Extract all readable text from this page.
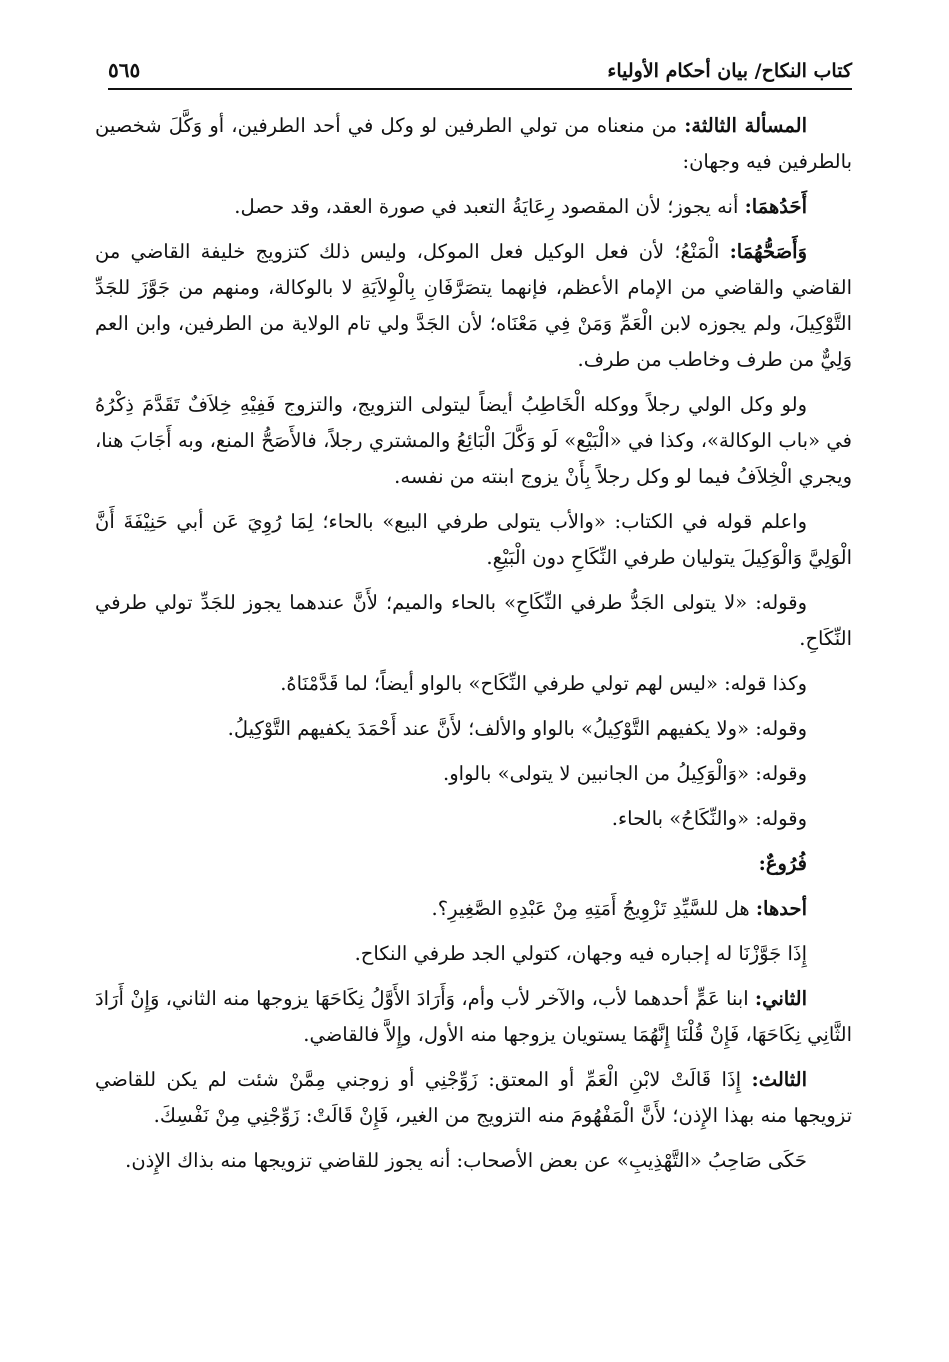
كتاب النكاح/ بيان أحكام الأولياء
٥٦٥

المسألة الثالثة: من منعناه من تولي الطرفين لو وكل في أحد الطرفين، أو وَكَّلَ شخصين بالطرفين فيه وجهان:

أَحَدُهمَا: أنه يجوز؛ لأن المقصود رِعَايَةُ التعبد في صورة العقد، وقد حصل.

وَأَصَحُّهُمَا: الْمَنْعُ؛ لأن فعل الوكيل فعل الموكل، وليس ذلك كتزويج خليفة القاضي من القاضي والقاضي من الإمام الأعظم، فإنهما يتصَرَّفَانِ بِالْوِلاَيَةِ لا بالوكالة، ومنهم من جَوَّزَ للجَدِّ التَّوْكِيلَ، ولم يجوزه لابن الْعَمِّ وَمَنْ فِي مَعْنَاه؛ لأن الجَدَّ ولي تام الولاية من الطرفين، وابن العم وَلِيٌّ من طرف وخاطب من طرف.

ولو وكل الولي رجلاً ووكله الْخَاطِبُ أيضاً ليتولى التزويج، والتزوج فَفِيْهِ خِلاَفٌ تَقَدَّمَ ذِكْرُهُ في «باب الوكالة»، وكذا في «الْبَيْع» لَو وَكَّلَ الْبَائِعُ والمشتري رجلاً، فالأَصَحُّ المنع، وبه أَجَابَ هنا، ويجري الْخِلاَفُ فيما لو وكل رجلاً بِأَنْ يزوج ابنته من نفسه.

واعلم قوله في الكتاب: «والأب يتولى طرفي البيع» بالحاء؛ لِمَا رُوِيَ عَن أبي حَنِيْفَةَ أَنَّ الْوَلِيَّ وَالْوَكِيلَ يتوليان طرفي النِّكَاحِ دون الْبَيْعِ.

وقوله: «لا يتولى الجَدُّ طرفي النِّكَاحِ» بالحاء والميم؛ لأَنَّ عندهما يجوز للجَدِّ تولي طرفي النِّكَاحِ.

وكذا قوله: «ليس لهم تولي طرفي النِّكَاح» بالواو أيضاً؛ لما قَدَّمْنَاهُ.

وقوله: «ولا يكفيهم التَّوْكِيلُ» بالواو والألف؛ لأَنَّ عند أَحْمَدَ يكفيهم التَّوْكِيلُ.

وقوله: «وَالْوَكِيلُ من الجانبين لا يتولى» بالواو.

وقوله: «والنِّكَاحُ» بالحاء.

فُرُوعٌ:

أحدها: هل للسَّيِّدِ تَزْوِيجُ أَمَتِهِ مِنْ عَبْدِهِ الصَّغِيرِ؟.

إِذَا جَوَّزْنَا له إجباره فيه وجهان، كتولي الجد طرفي النكاح.

الثاني: ابنا عَمٍّ أحدهما لأب، والآخر لأب وأم، وَأَرَادَ الأَوَّلُ نِكَاحَهَا يزوجها منه الثاني، وَإِنْ أَرَادَ الثَّانِي نِكَاحَهَا، فَإِنْ قُلْنَا إِنَّهُمَا يستويان يزوجها منه الأول، وإِلاَّ فالقاضي.

الثالث: إِذَا قَالَتْ لابْنِ الْعَمِّ أو المعتق: زَوِّجْنِي أو زوجني مِمَّنْ شئت لم يكن للقاضي تزويجها منه بهذا الإِذن؛ لأَنَّ الْمَفْهُومَ منه التزويج من الغير، فَإِنْ قَالَتْ: زَوِّجْنِي مِنْ نَفْسِكَ.

حَكَى صَاحِبُ «التَّهْذِيبِ» عن بعض الأصحاب: أنه يجوز للقاضي تزويجها منه بذاك الإِذن.
